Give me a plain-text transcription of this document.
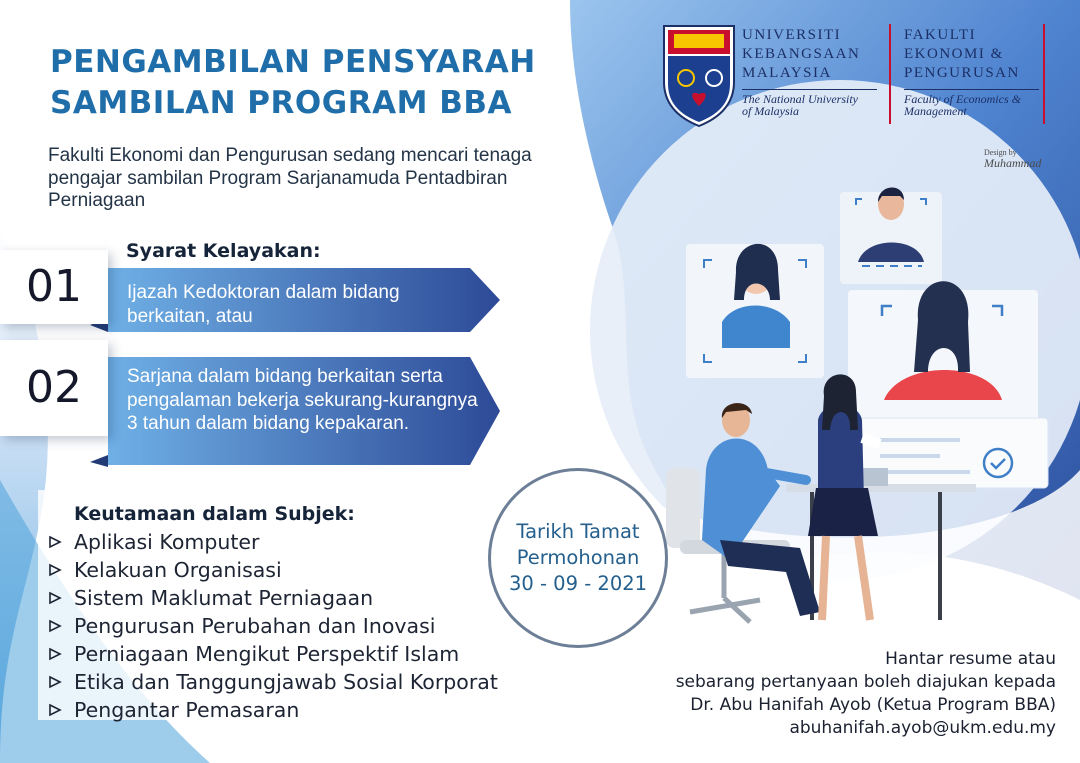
UNIVERSITI
KEBANGSAAN
MALAYSIA
The National University
of Malaysia
FAKULTI
EKONOMI &
PENGURUSAN
Faculty of Economics &
Management
Design by
Muhammad
PENGAMBILAN PENSYARAH
SAMBILAN PROGRAM BBA
Fakulti Ekonomi dan Pengurusan sedang mencari tenaga pengajar sambilan Program Sarjanamuda Pentadbiran Perniagaan
Syarat Kelayakan:
01	Ijazah Kedoktoran dalam bidang berkaitan, atau
02	Sarjana dalam bidang berkaitan serta pengalaman bekerja sekurang-kurangnya 3 tahun dalam bidang kepakaran.
Keutamaan dalam Subjek:
Aplikasi Komputer
Kelakuan Organisasi
Sistem Maklumat Perniagaan
Pengurusan Perubahan dan Inovasi
Perniagaan Mengikut Perspektif Islam
Etika dan Tanggungjawab Sosial Korporat
Pengantar Pemasaran
Tarikh Tamat
Permohonan
30 - 09 - 2021
Hantar resume atau
sebarang pertanyaan boleh diajukan kepada
Dr. Abu Hanifah Ayob (Ketua Program BBA)
abuhanifah.ayob@ukm.edu.my
